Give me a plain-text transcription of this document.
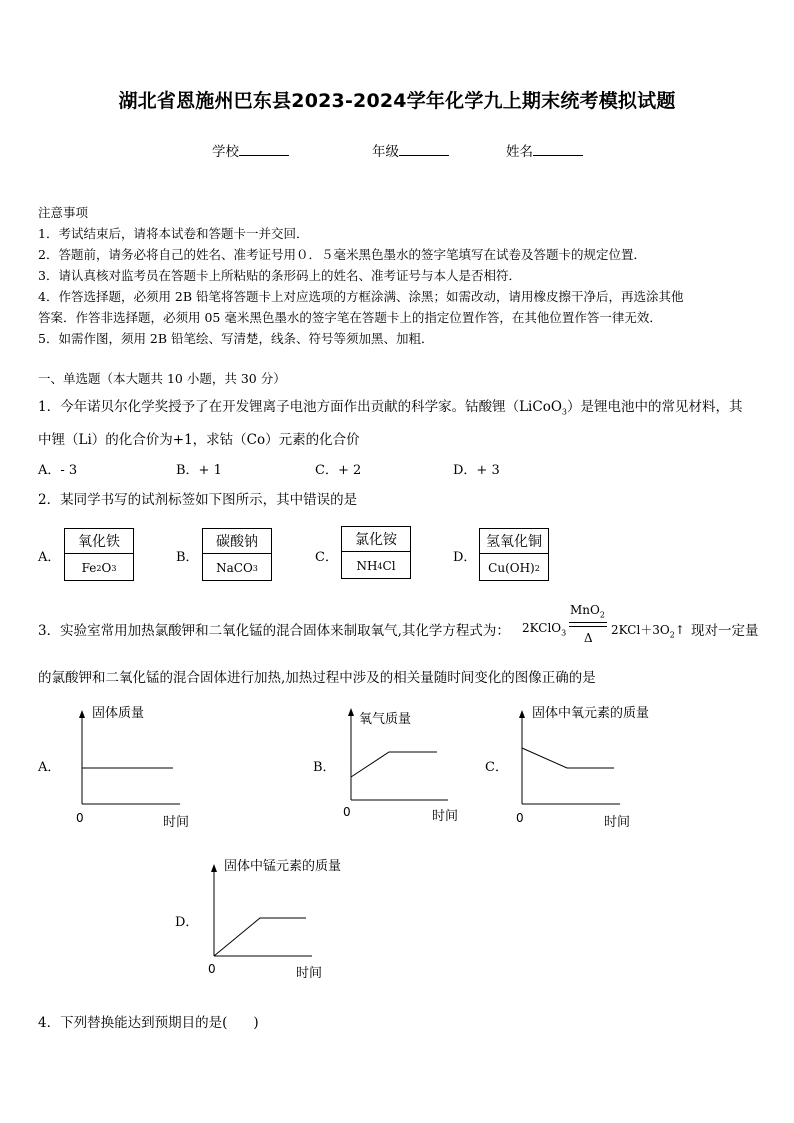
湖北省恩施州巴东县2023-2024学年化学九上期末统考模拟试题
学校	年级	姓名
注意事项
1．考试结束后，请将本试卷和答题卡一并交回．
2．答题前，请务必将自己的姓名、准考证号用０．５毫米黑色墨水的签字笔填写在试卷及答题卡的规定位置．
3．请认真核对监考员在答题卡上所粘贴的条形码上的姓名、准考证号与本人是否相符．
4．作答选择题，必须用 2B 铅笔将答题卡上对应选项的方框涂满、涂黑；如需改动，请用橡皮擦干净后，再选涂其他
答案．作答非选择题，必须用 05 毫米黑色墨水的签字笔在答题卡上的指定位置作答，在其他位置作答一律无效．
5．如需作图，须用 2B 铅笔绘、写清楚，线条、符号等须加黑、加粗．
一、单选题（本大题共 10 小题，共 30 分）
1．今年诺贝尔化学奖授予了在开发锂离子电池方面作出贡献的科学家。钴酸锂（LiCoO$_3$）是锂电池中的常见材料，其
中锂（Li）的化合价为+1，求钴（Co）元素的化合价
A．- 3	B．+ 1	C．+ 2	D．+ 3
2．某同学书写的试剂标签如下图所示，其中错误的是
A．
氧化铁
Fe 2 O 3
B．
碳酸钠
NaCO 3
C．
氯化铵
NH 4 Cl
D．
氢氧化铜
Cu(OH) 2
3．实验室常用加热氯酸钾和二氧化锰的混合固体来制取氧气,其化学方程式为： 2KClO$_3$
MnO$_2$
Δ
$2KCl+3O_2↑$ 现对一定量
的氯酸钾和二氧化锰的混合固体进行加热,加热过程中涉及的相关量随时间变化的图像正确的是
A．
固体质量
0	时间
B．
氧气质量
0	时间
C．
固体中氧元素的质量
0	时间
D．
固体中锰元素的质量
0	时间
4．下列替换能达到预期目的是( )
